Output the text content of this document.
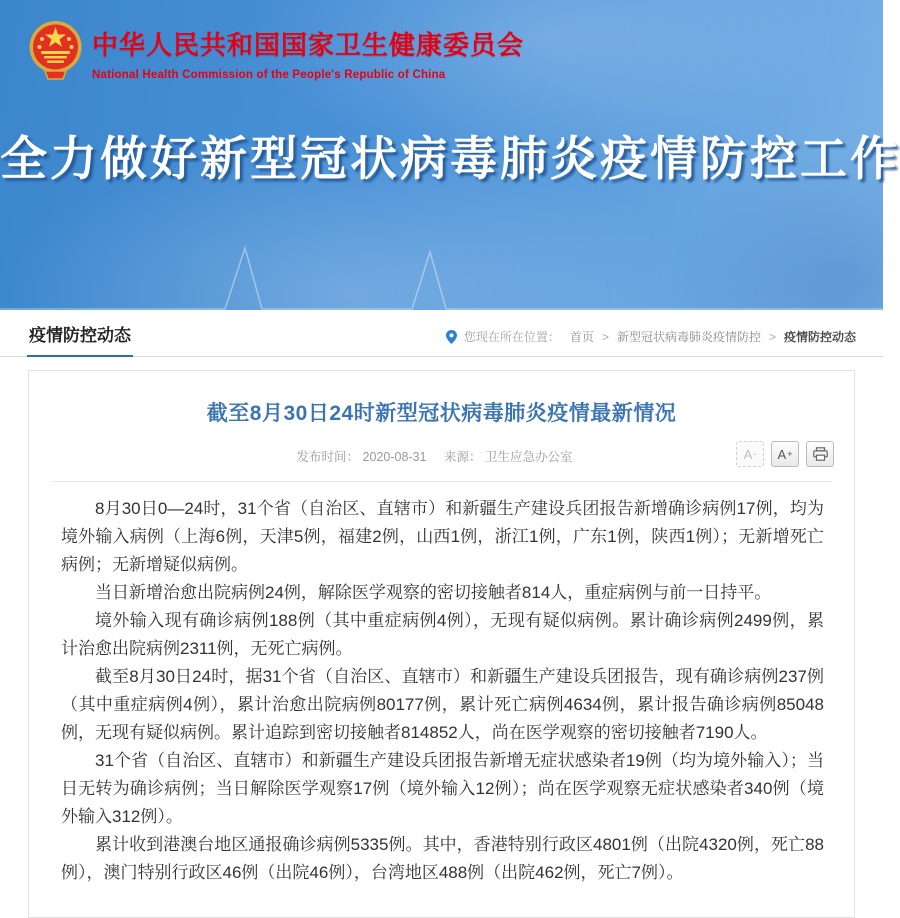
中华人民共和国国家卫生健康委员会
National Health Commission of the People's Republic of China
全力做好新型冠状病毒肺炎疫情防控工作
疫情防控动态	您现在所在位置： 首页 > 新型冠状病毒肺炎疫情防控 > 疫情防控动态
截至8月30日24时新型冠状病毒肺炎疫情最新情况
发布时间： 2020-08-31 来源： 卫生应急办公室	A - A +

8月30日0—24时，31个省（自治区、直辖市）和新疆生产建设兵团报告新增确诊病例17例，均为境外输入病例（上海6例，天津5例，福建2例，山西1例，浙江1例，广东1例，陕西1例）；无新增死亡病例；无新增疑似病例。

当日新增治愈出院病例24例，解除医学观察的密切接触者814人，重症病例与前一日持平。

境外输入现有确诊病例188例（其中重症病例4例），无现有疑似病例。累计确诊病例2499例，累计治愈出院病例2311例，无死亡病例。

截至8月30日24时，据31个省（自治区、直辖市）和新疆生产建设兵团报告，现有确诊病例237例（其中重症病例4例），累计治愈出院病例80177例，累计死亡病例4634例，累计报告确诊病例85048例，无现有疑似病例。累计追踪到密切接触者814852人，尚在医学观察的密切接触者7190人。

31个省（自治区、直辖市）和新疆生产建设兵团报告新增无症状感染者19例（均为境外输入）；当日无转为确诊病例；当日解除医学观察17例（境外输入12例）；尚在医学观察无症状感染者340例（境外输入312例）。

累计收到港澳台地区通报确诊病例5335例。其中，香港特别行政区4801例（出院4320例，死亡88例），澳门特别行政区46例（出院46例），台湾地区488例（出院462例，死亡7例）。
